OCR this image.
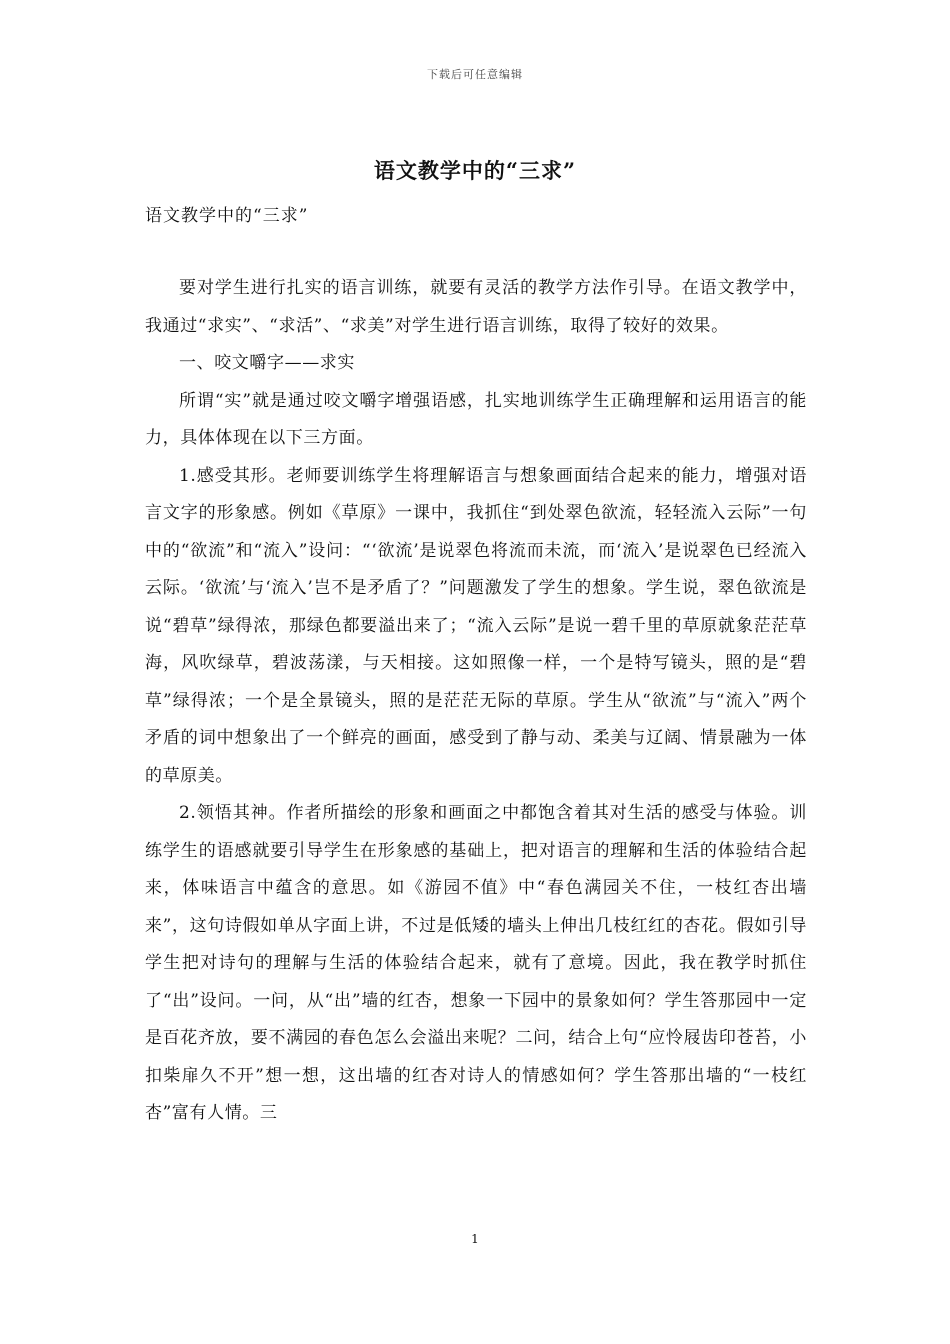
下载后可任意编辑
语文教学中的“三求”
语文教学中的“三求”

要对学生进行扎实的语言训练，就要有灵活的教学方法作引导。在语文教学中，我通过“求实”、“求活”、“求美”对学生进行语言训练，取得了较好的效果。

一、咬文嚼字——求实

所谓“实”就是通过咬文嚼字增强语感，扎实地训练学生正确理解和运用语言的能力，具体体现在以下三方面。

1.感受其形。老师要训练学生将理解语言与想象画面结合起来的能力，增强对语言文字的形象感。例如《草原》一课中，我抓住“到处翠色欲流，轻轻流入云际”一句中的“欲流”和“流入”设问：“‘欲流’是说翠色将流而未流，而‘流入’是说翠色已经流入云际。‘欲流’与‘流入’岂不是矛盾了？”问题激发了学生的想象。学生说，翠色欲流是说“碧草”绿得浓，那绿色都要溢出来了；“流入云际”是说一碧千里的草原就象茫茫草海，风吹绿草，碧波荡漾，与天相接。这如照像一样，一个是特写镜头，照的是“碧草”绿得浓；一个是全景镜头，照的是茫茫无际的草原。学生从“欲流”与“流入”两个矛盾的词中想象出了一个鲜亮的画面，感受到了静与动、柔美与辽阔、情景融为一体的草原美。

2.领悟其神。作者所描绘的形象和画面之中都饱含着其对生活的感受与体验。训练学生的语感就要引导学生在形象感的基础上，把对语言的理解和生活的体验结合起来，体味语言中蕴含的意思。如《游园不值》中“春色满园关不住，一枝红杏出墙来”，这句诗假如单从字面上讲，不过是低矮的墙头上伸出几枝红红的杏花。假如引导学生把对诗句的理解与生活的体验结合起来，就有了意境。因此，我在教学时抓住了“出”设问。一问，从“出”墙的红杏，想象一下园中的景象如何？学生答那园中一定是百花齐放，要不满园的春色怎么会溢出来呢？二问，结合上句“应怜屐齿印苍苔，小扣柴扉久不开”想一想，这出墙的红杏对诗人的情感如何？学生答那出墙的“一枝红杏”富有人情。三

1
